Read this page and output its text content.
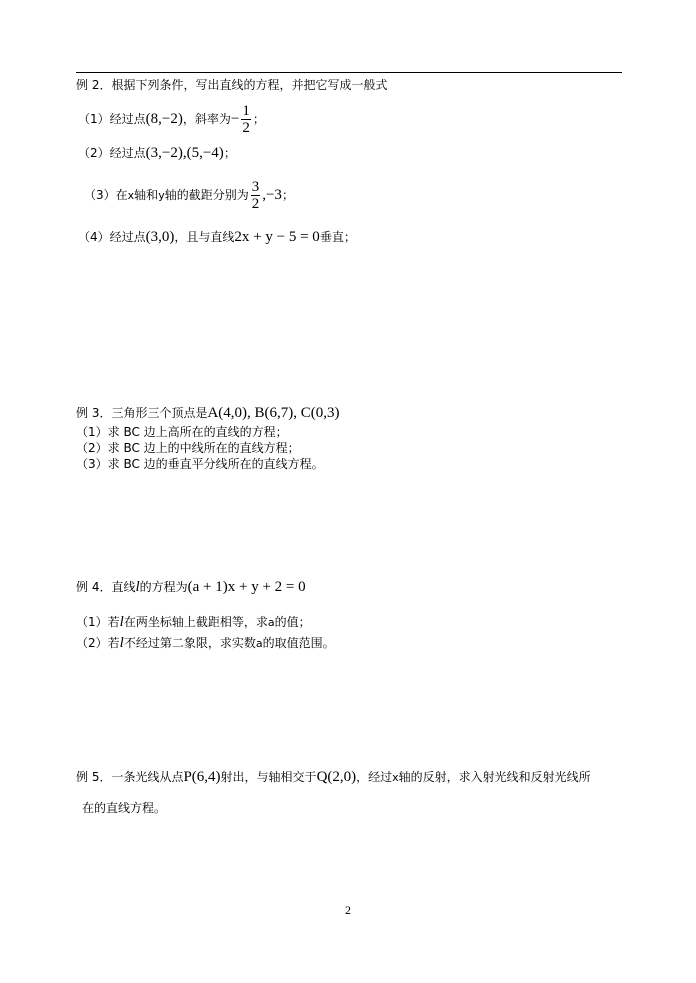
例 2．根据下列条件，写出直线的方程，并把它写成一般式
（1）经过点(8,−2)，斜率为− $\frac{1}{2}$ ；
（2）经过点(3,−2),(5,−4)；
（3）在x轴和y轴的截距分别为 $\frac{3}{2} ,-3$；
（4）经过点(3,0)，且与直线2x + y − 5 = 0垂直；
例 3．三角形三个顶点是A(4,0), B(6,7), C(0,3)
（1）求 BC 边上高所在的直线的方程；
（2）求 BC 边上的中线所在的直线方程；
（3）求 BC 边的垂直平分线所在的直线方程。
例 4．直线l的方程为(a + 1)x + y + 2 = 0
（1）若l在两坐标轴上截距相等，求a的值；
（2）若l不经过第二象限，求实数a的取值范围。
例 5．一条光线从点P(6,4)射出，与轴相交于Q(2,0)，经过x轴的反射，求入射光线和反射光线所
在的直线方程。
2
